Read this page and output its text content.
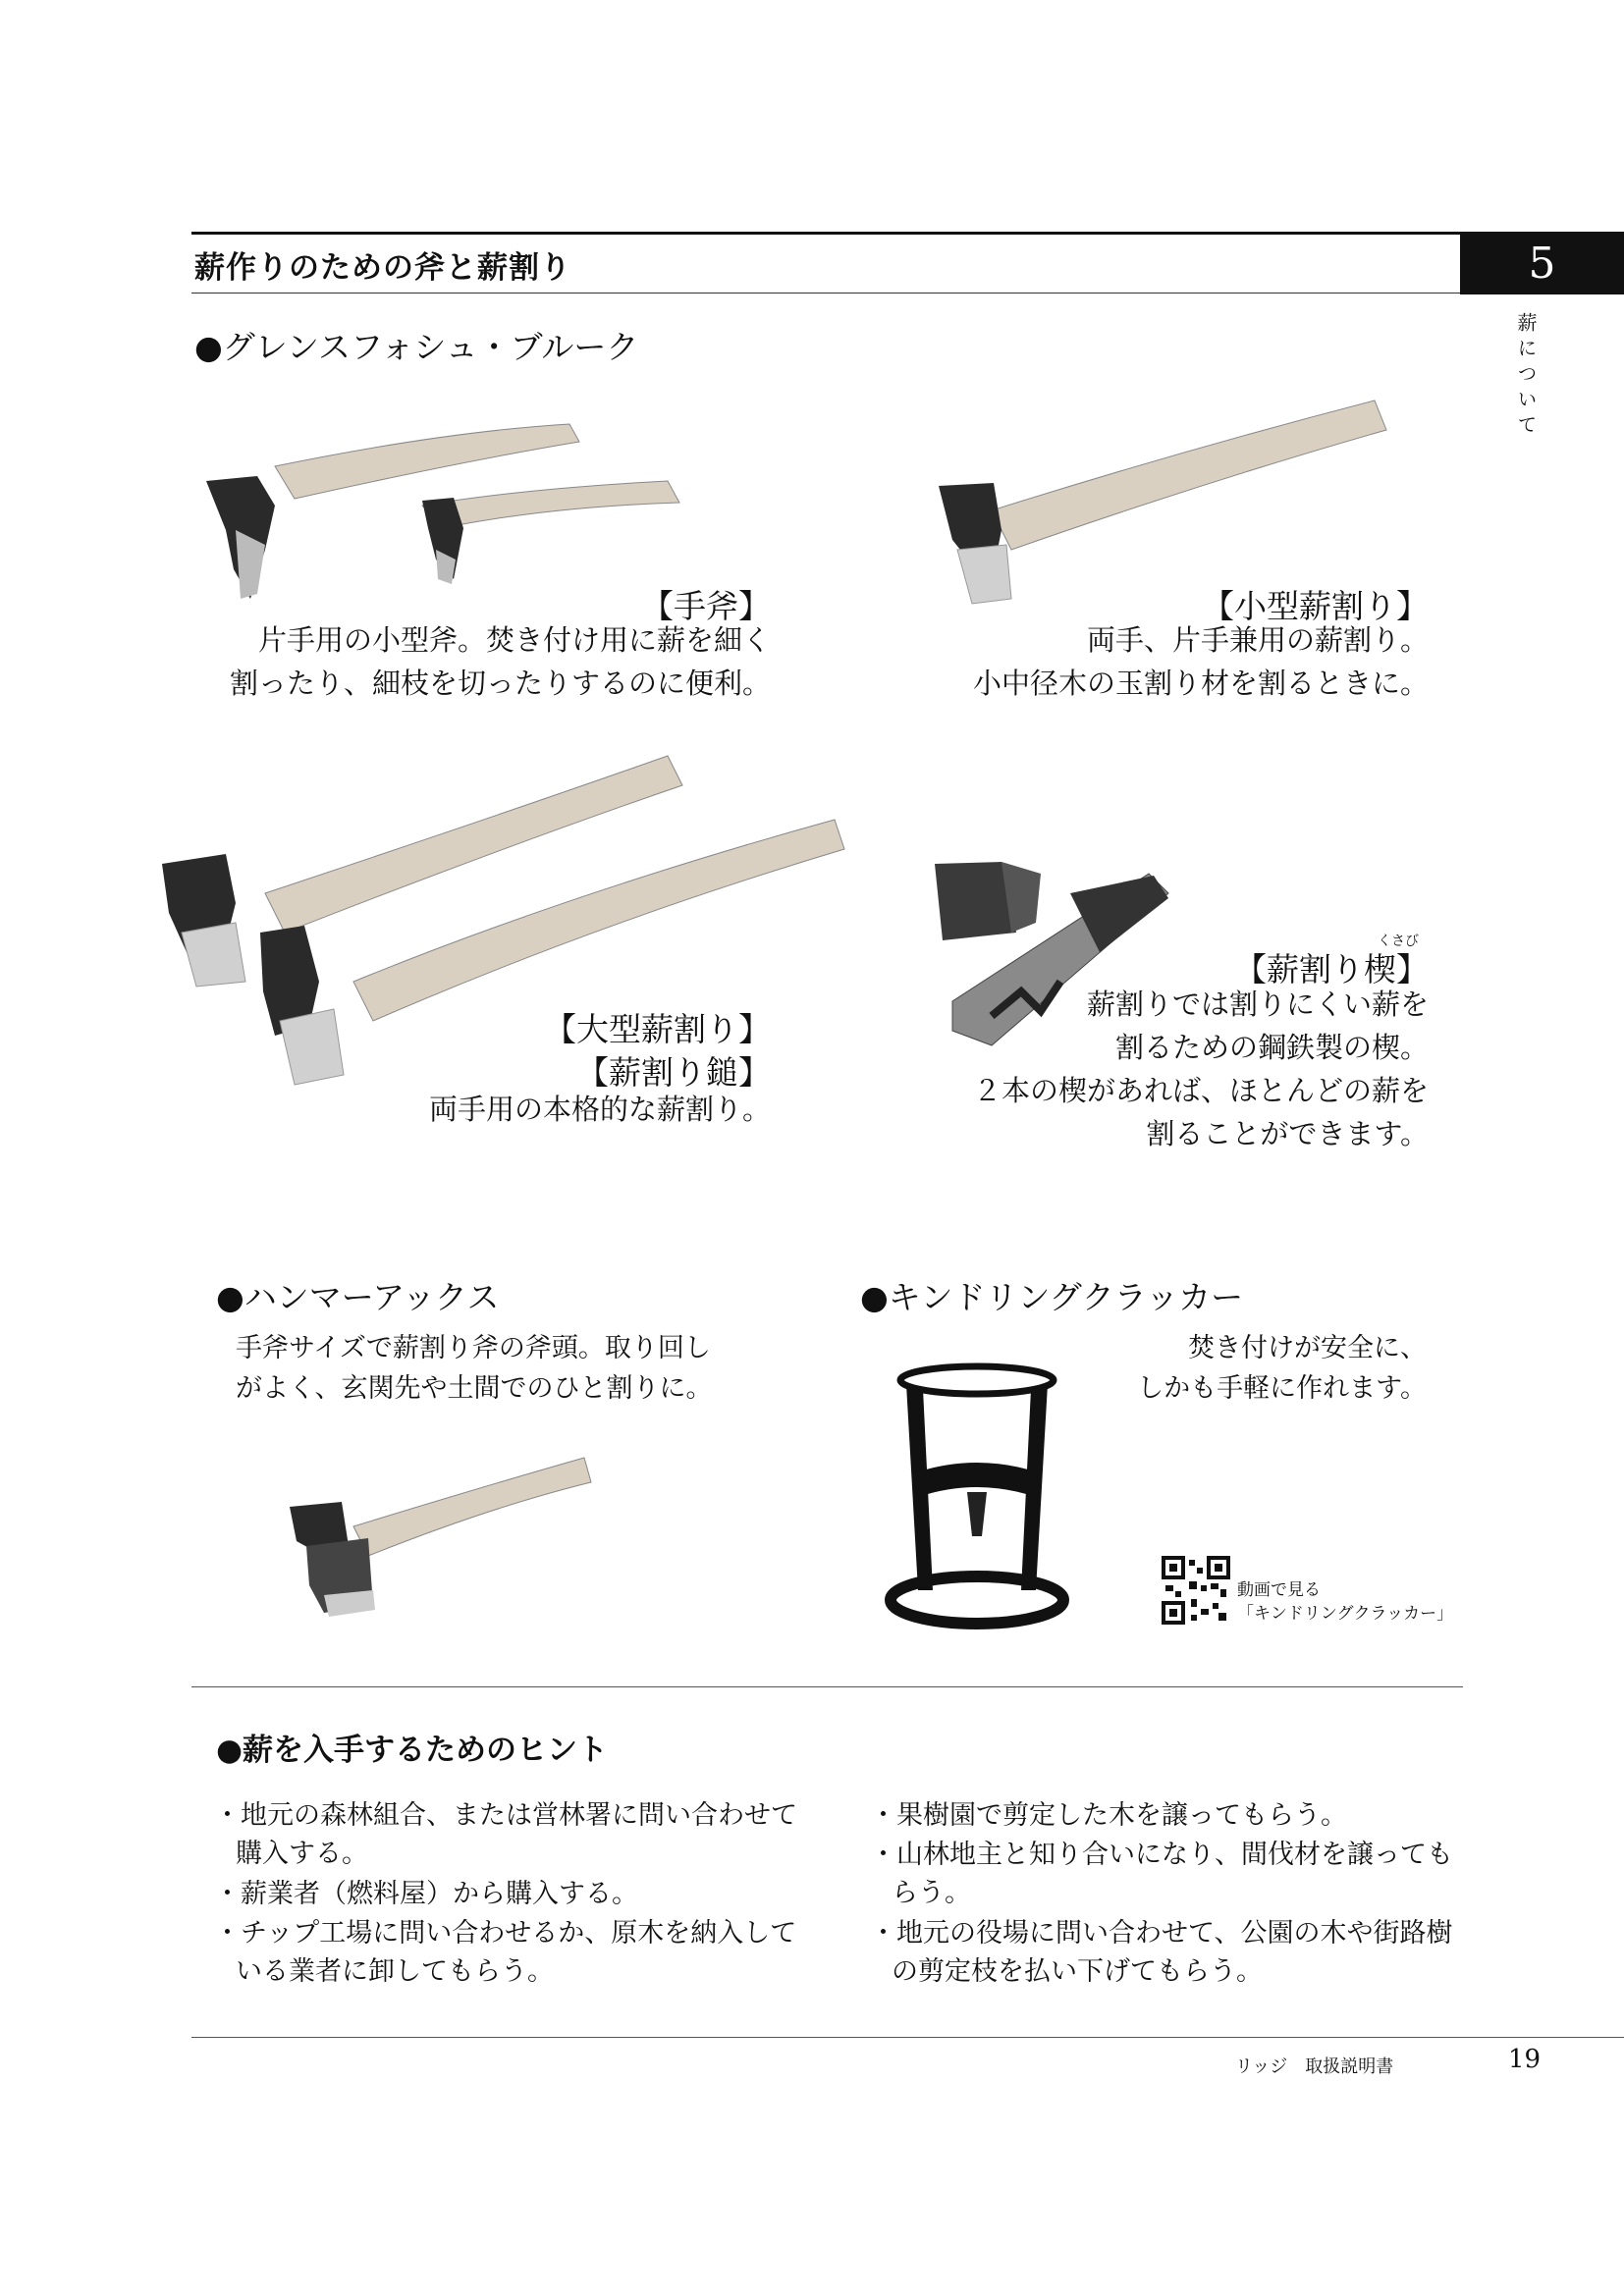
薪作りのための斧と薪割り	5
薪について
●グレンスフォシュ・ブルーク
【手斧】
片手用の小型斧。焚き付け用に薪を細く
割ったり、細枝を切ったりするのに便利。
【小型薪割り】
両手、片手兼用の薪割り。
小中径木の玉割り材を割るときに。
【大型薪割り】
【薪割り鎚】
両手用の本格的な薪割り。
くさび
【薪割り楔】
薪割りでは割りにくい薪を
割るための鋼鉄製の楔。
２本の楔があれば、ほとんどの薪を
割ることができます。
●ハンマーアックス
手斧サイズで薪割り斧の斧頭。取り回し
がよく、玄関先や土間でのひと割りに。
●キンドリングクラッカー
焚き付けが安全に、
しかも手軽に作れます。
動画で見る
「キンドリングクラッカー」
●薪を入手するためのヒント
・地元の森林組合、または営林署に問い合わせて購入する。
・薪業者（燃料屋）から購入する。
・チップ工場に問い合わせるか、原木を納入している業者に卸してもらう。
・果樹園で剪定した木を譲ってもらう。
・山林地主と知り合いになり、間伐材を譲ってもらう。
・地元の役場に問い合わせて、公園の木や街路樹の剪定枝を払い下げてもらう。
リッジ　取扱説明書	19
